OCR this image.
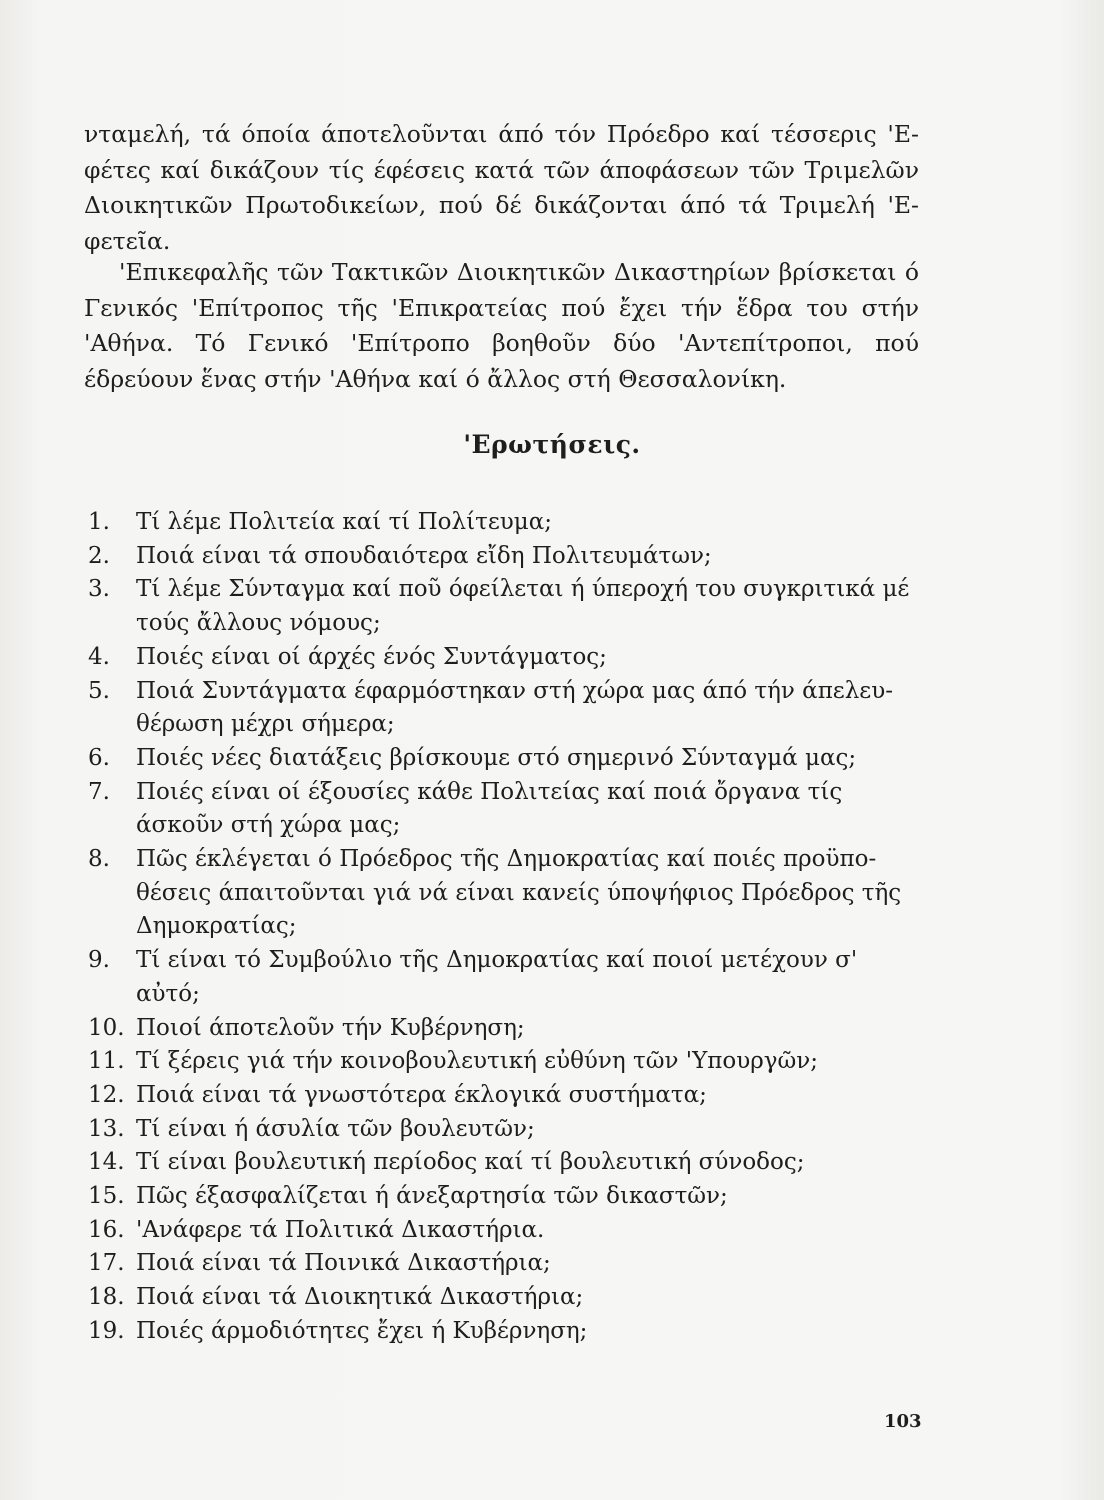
νταμελή, τά όποία άποτελοῦνται άπό τόν Πρόεδρο καί τέσσερις 'Ε-
φέτες καί δικάζουν τίς έφέσεις κατά τῶν άποφάσεων τῶν Τριμελῶν
Διοικητικῶν Πρωτοδικείων, πού δέ δικάζονται άπό τά Τριμελή 'Ε-
φετεῖα.

'Επικεφαλῆς τῶν Τακτικῶν Διοικητικῶν Δικαστηρίων βρίσκεται ό
Γενικός 'Επίτροπος τῆς 'Επικρατείας πού ἔχει τήν ἕδρα του στήν
'Αθήνα. Τό Γενικό 'Επίτροπο βοηθοῦν δύο 'Αντεπίτροποι, πού
έδρεύουν ἕνας στήν 'Αθήνα καί ό ἄλλος στή Θεσσαλονίκη.

'Ερωτήσεις.
1. Τί λέμε Πολιτεία καί τί Πολίτευμα;
2. Ποιά είναι τά σπουδαιότερα εἴδη Πολιτευμάτων;
3. Τί λέμε Σύνταγμα καί ποῦ όφείλεται ή ύπεροχή του συγκριτικά μέ τούς ἄλλους νόμους;
4. Ποιές είναι οί άρχές ένός Συντάγματος;
5. Ποιά Συντάγματα έφαρμόστηκαν στή χώρα μας άπό τήν άπελευ-θέρωση μέχρι σήμερα;
6. Ποιές νέες διατάξεις βρίσκουμε στό σημερινό Σύνταγμά μας;
7. Ποιές είναι οί έξουσίες κάθε Πολιτείας καί ποιά ὄργανα τίς άσκοῦν στή χώρα μας;
8. Πῶς έκλέγεται ό Πρόεδρος τῆς Δημοκρατίας καί ποιές προϋπο-θέσεις άπαιτοῦνται γιά νά είναι κανείς ύποψήφιος Πρόεδρος τῆς Δημοκρατίας;
9. Τί είναι τό Συμβούλιο τῆς Δημοκρατίας καί ποιοί μετέχουν σ' αὐτό;
10. Ποιοί άποτελοῦν τήν Κυβέρνηση;
11. Τί ξέρεις γιά τήν κοινοβουλευτική εὐθύνη τῶν 'Υπουργῶν;
12. Ποιά είναι τά γνωστότερα έκλογικά συστήματα;
13. Τί είναι ή άσυλία τῶν βουλευτῶν;
14. Τί είναι βουλευτική περίοδος καί τί βουλευτική σύνοδος;
15. Πῶς έξασφαλίζεται ή άνεξαρτησία τῶν δικαστῶν;
16. 'Ανάφερε τά Πολιτικά Δικαστήρια.
17. Ποιά είναι τά Ποινικά Δικαστήρια;
18. Ποιά είναι τά Διοικητικά Δικαστήρια;
19. Ποιές άρμοδιότητες ἔχει ή Κυβέρνηση;

103
